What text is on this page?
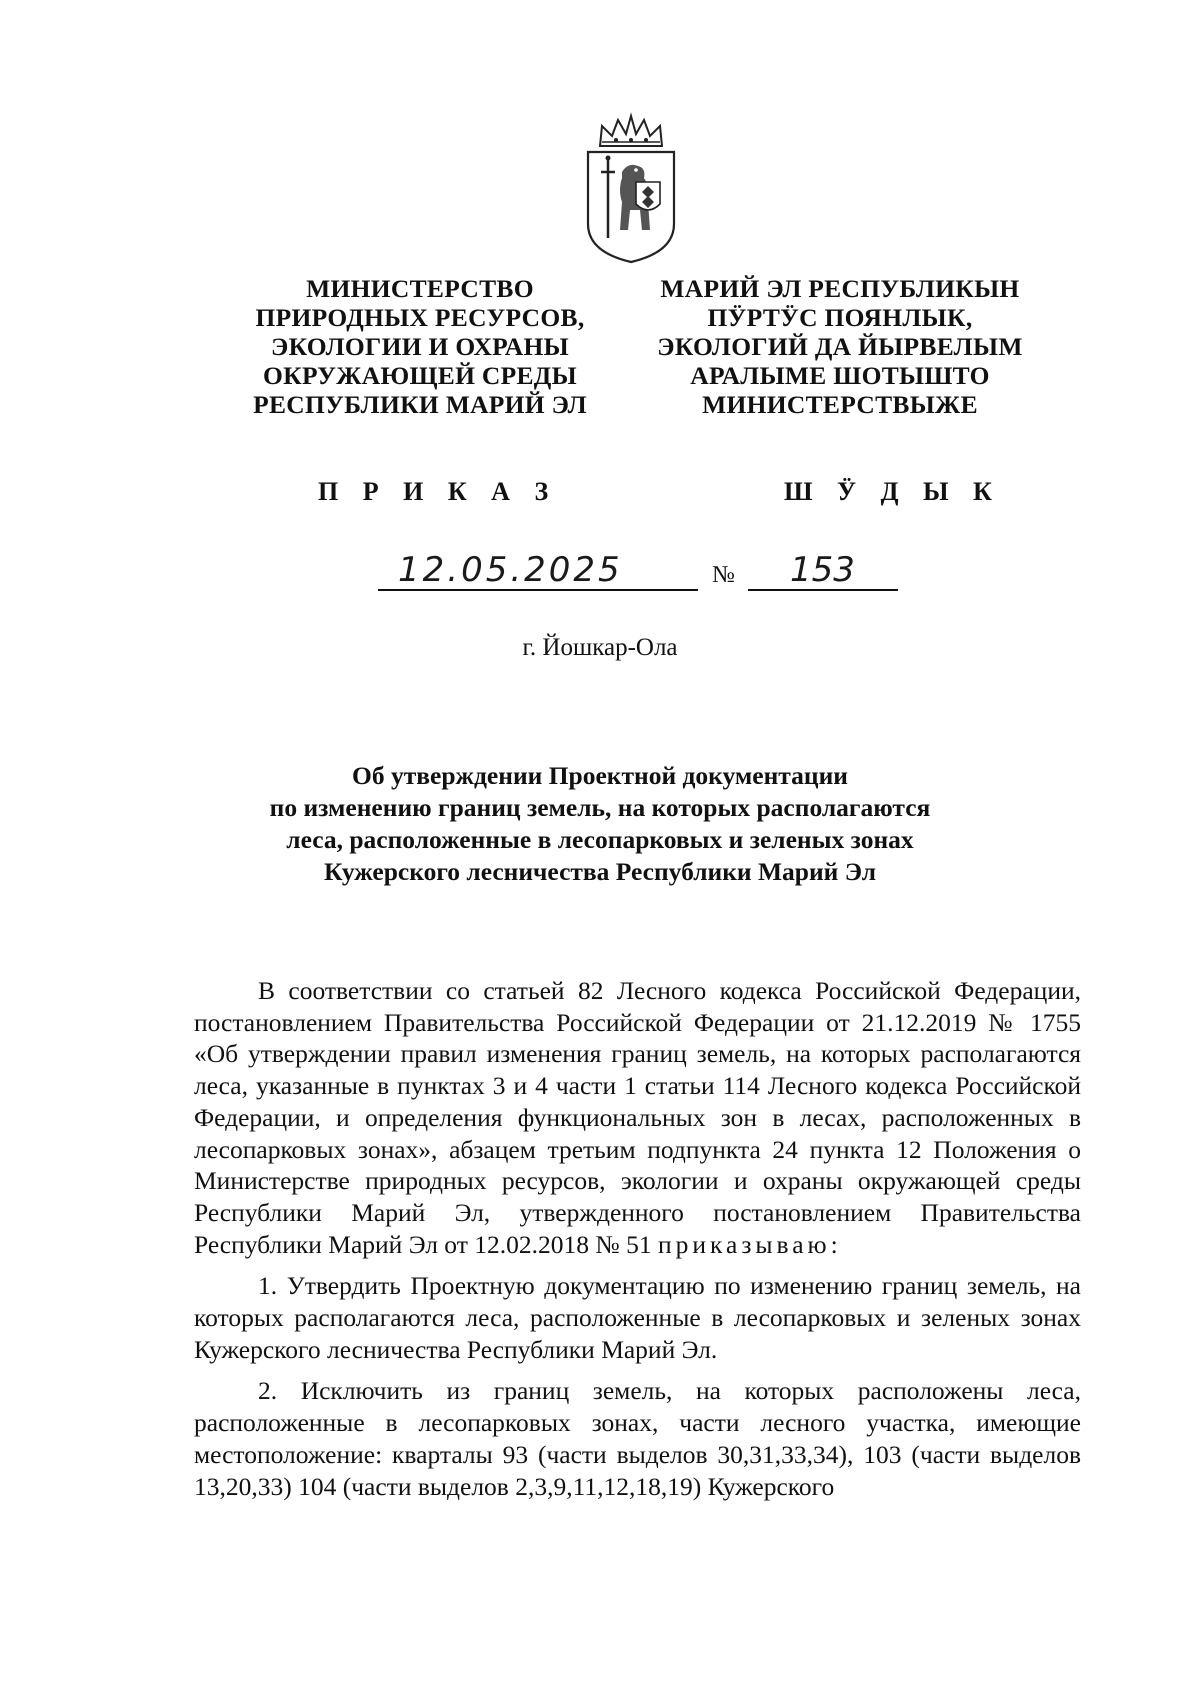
МИНИСТЕРСТВО
ПРИРОДНЫХ РЕСУРСОВ,
ЭКОЛОГИИ И ОХРАНЫ
ОКРУЖАЮЩЕЙ СРЕДЫ
РЕСПУБЛИКИ МАРИЙ ЭЛ
МАРИЙ ЭЛ РЕСПУБЛИКЫН
ПӰРТӰС ПОЯНЛЫК,
ЭКОЛОГИЙ ДА ЙЫРВЕЛЫМ
АРАЛЫМЕ ШОТЫШТО
МИНИСТЕРСТВЫЖЕ
П Р И К А З	Ш Ӱ Д Ы К
12.05.2025	№ 153

г. Йошкар-Ола

Об утверждении Проектной документации
по изменению границ земель, на которых располагаются
леса, расположенные в лесопарковых и зеленых зонах
Кужерского лесничества Республики Марий Эл

В соответствии со статьей 82 Лесного кодекса Российской Федерации, постановлением Правительства Российской Федерации от 21.12.2019 № 1755 «Об утверждении правил изменения границ земель, на которых располагаются леса, указанные в пунктах 3 и 4 части 1 статьи 114 Лесного кодекса Российской Федерации, и определения функциональных зон в лесах, расположенных в лесопарковых зонах», абзацем третьим подпункта 24 пункта 12 Положения о Министерстве природных ресурсов, экологии и охраны окружающей среды Республики Марий Эл, утвержденного постановлением Правительства Республики Марий Эл от 12.02.2018 № 51 приказываю:

1. Утвердить Проектную документацию по изменению границ земель, на которых располагаются леса, расположенные в лесопарковых и зеленых зонах Кужерского лесничества Республики Марий Эл.

2. Исключить из границ земель, на которых расположены леса, расположенные в лесопарковых зонах, части лесного участка, имеющие местоположение: кварталы 93 (части выделов 30,31,33,34), 103 (части выделов 13,20,33) 104 (части выделов 2,3,9,11,12,18,19) Кужерского
